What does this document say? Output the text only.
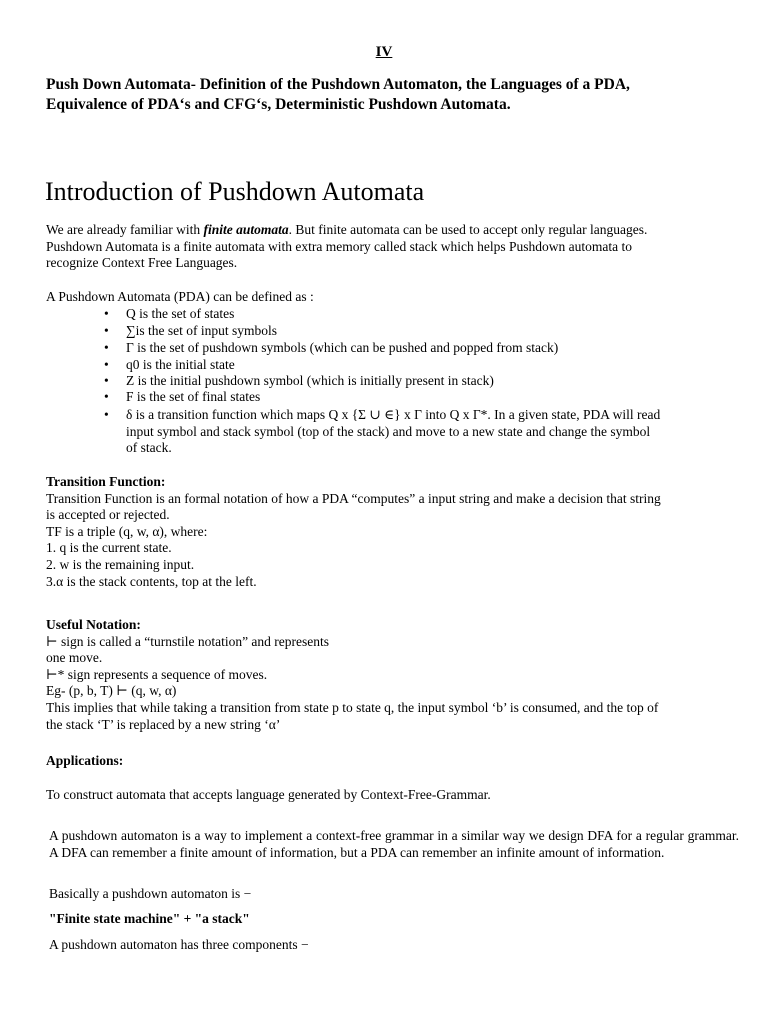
IV
Push Down Automata- Definition of the Pushdown Automaton, the Languages of a PDA,
Equivalence of PDA‘s and CFG‘s, Deterministic Pushdown Automata.
Introduction of Pushdown Automata
We are already familiar with finite automata. But finite automata can be used to accept only regular languages.
Pushdown Automata is a finite automata with extra memory called stack which helps Pushdown automata to
recognize Context Free Languages.
A Pushdown Automata (PDA) can be defined as :
• Q is the set of states
• ∑is the set of input symbols
• Γ is the set of pushdown symbols (which can be pushed and popped from stack)
• q0 is the initial state
• Z is the initial pushdown symbol (which is initially present in stack)
• F is the set of final states
• δ is a transition function which maps Q x {Σ ∪ ∈} x Γ into Q x Γ*. In a given state, PDA will read
input symbol and stack symbol (top of the stack) and move to a new state and change the symbol
of stack.
Transition Function:
Transition Function is an formal notation of how a PDA “computes” a input string and make a decision that string
is accepted or rejected.
TF is a triple (q, w, α), where:
1. q is the current state.
2. w is the remaining input.
3.α is the stack contents, top at the left.
Useful Notation:
⊢ sign is called a “turnstile notation” and represents
one move.
⊢* sign represents a sequence of moves.
Eg- (p, b, T) ⊢ (q, w, α)
This implies that while taking a transition from state p to state q, the input symbol ‘b’ is consumed, and the top of
the stack ‘T’ is replaced by a new string ‘α’
Applications:
To construct automata that accepts language generated by Context-Free-Grammar.
A pushdown automaton is a way to implement a context-free grammar in a similar way we design DFA for a regular grammar. A DFA can remember a finite amount of information, but a PDA can remember an infinite amount of information.
Basically a pushdown automaton is −
"Finite state machine" + "a stack"
A pushdown automaton has three components −
